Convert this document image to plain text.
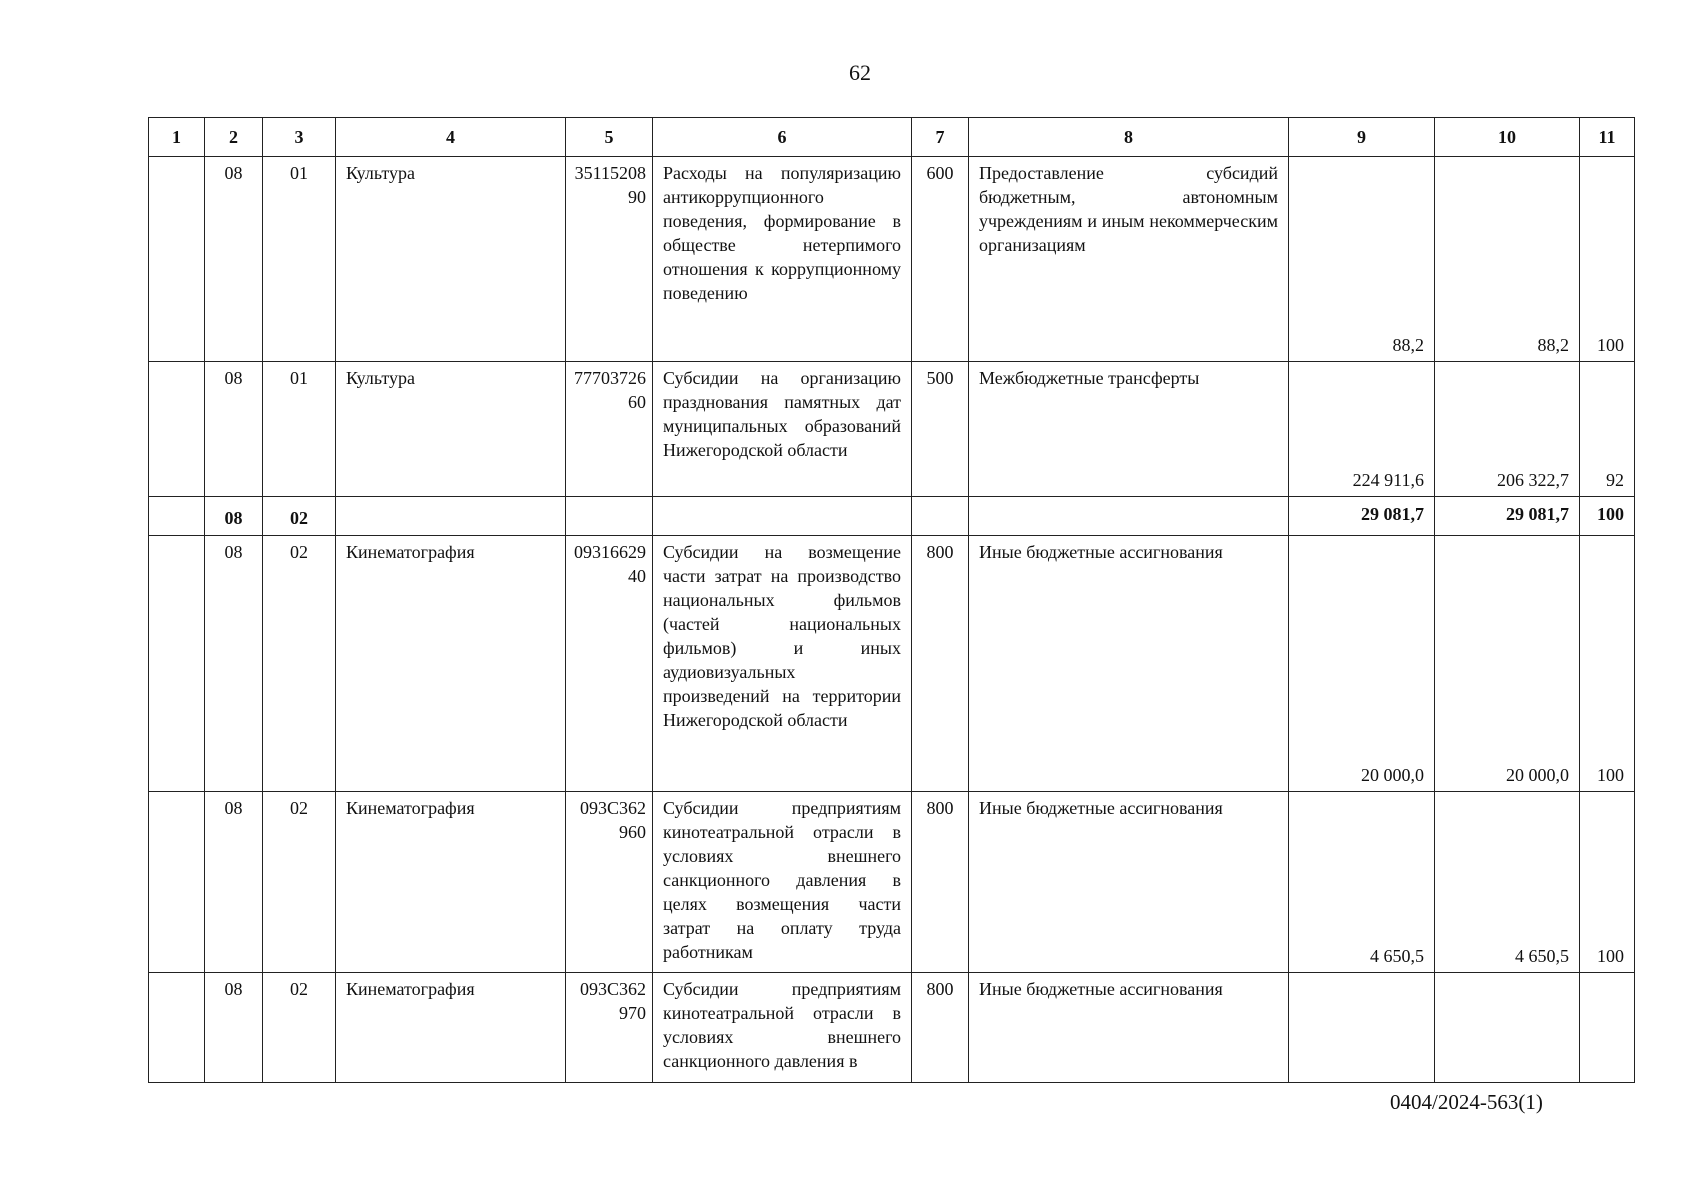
62
1	2	3	4	5	6	7	8	9	10	11
	08	01	Культура	3511520890	Расходы на популяризацию антикоррупционного поведения, формирование в обществе нетерпимого отношения к коррупционному поведению	600	Предоставление субсидий бюджетным, автономным учреждениям и иным некоммерческим организациям	88,2	88,2	100
	08	01	Культура	7770372660	Субсидии на организацию празднования памятных дат муниципальных образований Нижегородской области	500	Межбюджетные трансферты	224 911,6	206 322,7	92
	08	02						29 081,7	29 081,7	100
	08	02	Кинематография	0931662940	Субсидии на возмещение части затрат на производство национальных фильмов (частей национальных фильмов) и иных аудиовизуальных произведений на территории Нижегородской области	800	Иные бюджетные ассигнования	20 000,0	20 000,0	100
	08	02	Кинематография	093С362960	Субсидии предприятиям кинотеатральной отрасли в условиях внешнего санкционного давления в целях возмещения части затрат на оплату труда работникам	800	Иные бюджетные ассигнования	4 650,5	4 650,5	100
	08	02	Кинематография	093С362970	Субсидии предприятиям кинотеатральной отрасли в условиях внешнего санкционного давления в	800	Иные бюджетные ассигнования			
0404/2024-563(1)
